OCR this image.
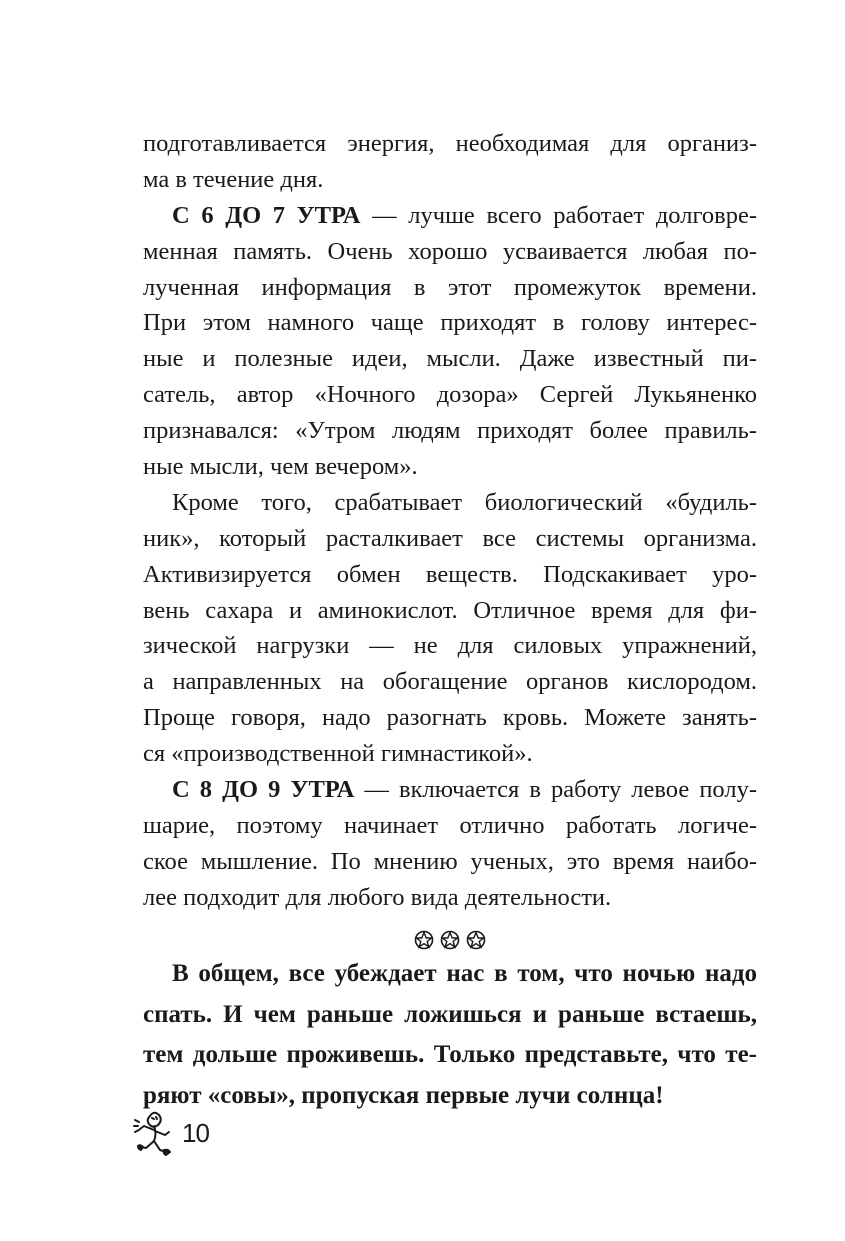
подготавливается энергия, необходимая для организ-
ма в течение дня.
С 6 ДО 7 УТРА — лучше всего работает долговре-
менная память. Очень хорошо усваивается любая по-
лученная информация в этот промежуток времени.
При этом намного чаще приходят в голову интерес-
ные и полезные идеи, мысли. Даже известный пи-
сатель, автор «Ночного дозора» Сергей Лукьяненко
признавался: «Утром людям приходят более правиль-
ные мысли, чем вечером».
Кроме того, срабатывает биологический «будиль-
ник», который расталкивает все системы организма.
Активизируется обмен веществ. Подскакивает уро-
вень сахара и аминокислот. Отличное время для фи-
зической нагрузки — не для силовых упражнений,
а направленных на обогащение органов кислородом.
Проще говоря, надо разогнать кровь. Можете занять-
ся «производственной гимнастикой».
С 8 ДО 9 УТРА — включается в работу левое полу-
шарие, поэтому начинает отлично работать логиче-
ское мышление. По мнению ученых, это время наибо-
лее подходит для любого вида деятельности.
В общем, все убеждает нас в том, что ночью надо
спать. И чем раньше ложишься и раньше встаешь,
тем дольше проживешь. Только представьте, что те-
ряют «совы», пропуская первые лучи солнца!
10
